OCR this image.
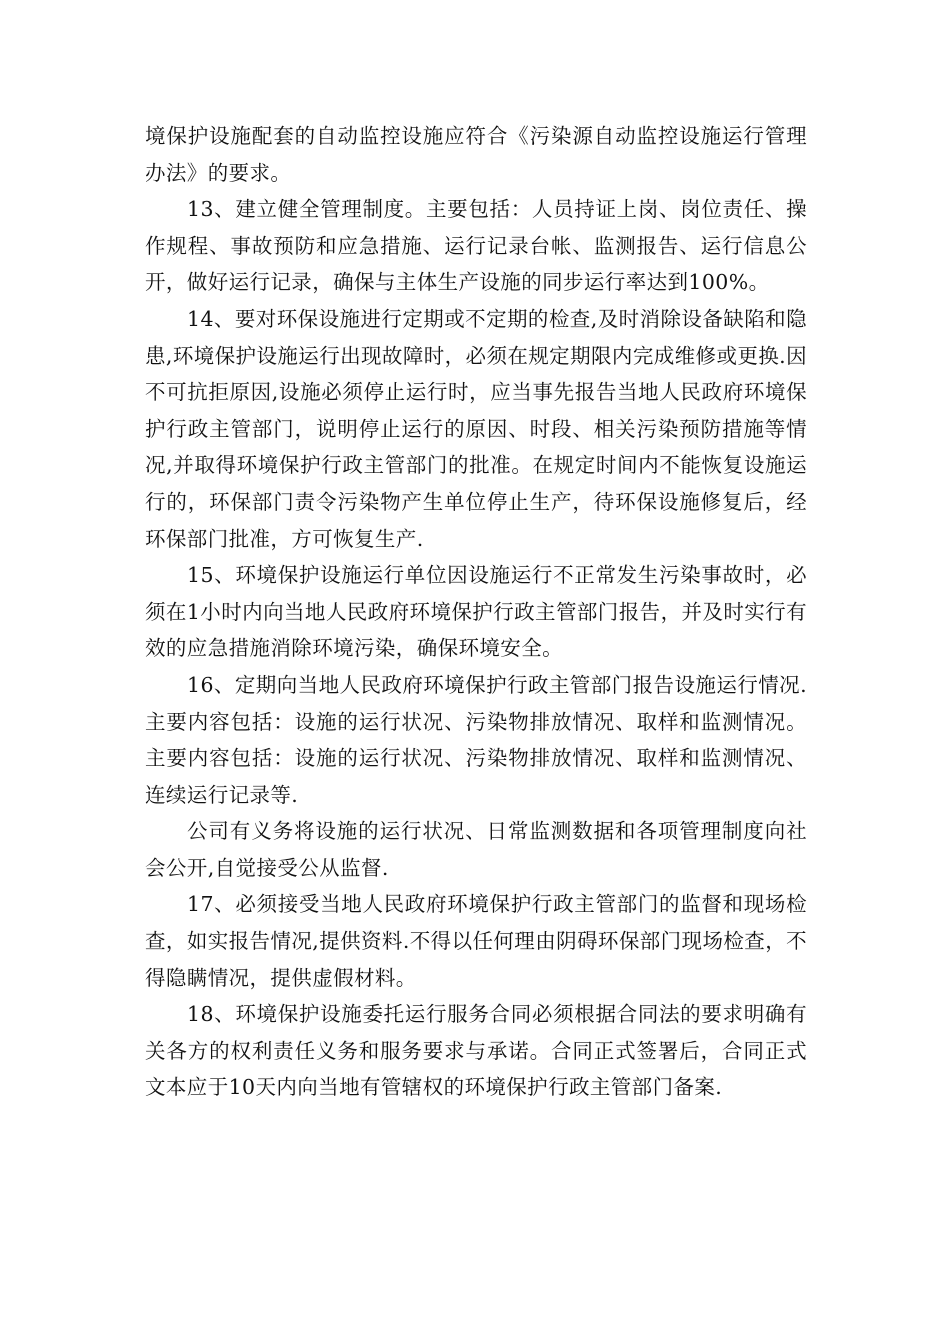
境保护设施配套的自动监控设施应符合《污染源自动监控设施运行管理办法》的要求。

13、建立健全管理制度。主要包括：人员持证上岗、岗位责任、操作规程、事故预防和应急措施、运行记录台帐、监测报告、运行信息公开，做好运行记录，确保与主体生产设施的同步运行率达到100%。

14、要对环保设施进行定期或不定期的检查,及时消除设备缺陷和隐患,环境保护设施运行出现故障时，必须在规定期限内完成维修或更换.因不可抗拒原因,设施必须停止运行时，应当事先报告当地人民政府环境保护行政主管部门，说明停止运行的原因、时段、相关污染预防措施等情况,并取得环境保护行政主管部门的批准。在规定时间内不能恢复设施运行的，环保部门责令污染物产生单位停止生产，待环保设施修复后，经环保部门批准，方可恢复生产.

15、环境保护设施运行单位因设施运行不正常发生污染事故时，必须在1小时内向当地人民政府环境保护行政主管部门报告，并及时实行有效的应急措施消除环境污染，确保环境安全。

16、定期向当地人民政府环境保护行政主管部门报告设施运行情况.主要内容包括：设施的运行状况、污染物排放情况、取样和监测情况。主要内容包括：设施的运行状况、污染物排放情况、取样和监测情况、连续运行记录等.

公司有义务将设施的运行状况、日常监测数据和各项管理制度向社会公开,自觉接受公从监督.

17、必须接受当地人民政府环境保护行政主管部门的监督和现场检查，如实报告情况,提供资料.不得以任何理由阴碍环保部门现场检查，不得隐瞒情况，提供虚假材料。

18、环境保护设施委托运行服务合同必须根据合同法的要求明确有关各方的权利责任义务和服务要求与承诺。合同正式签署后，合同正式文本应于10天内向当地有管辖权的环境保护行政主管部门备案.
